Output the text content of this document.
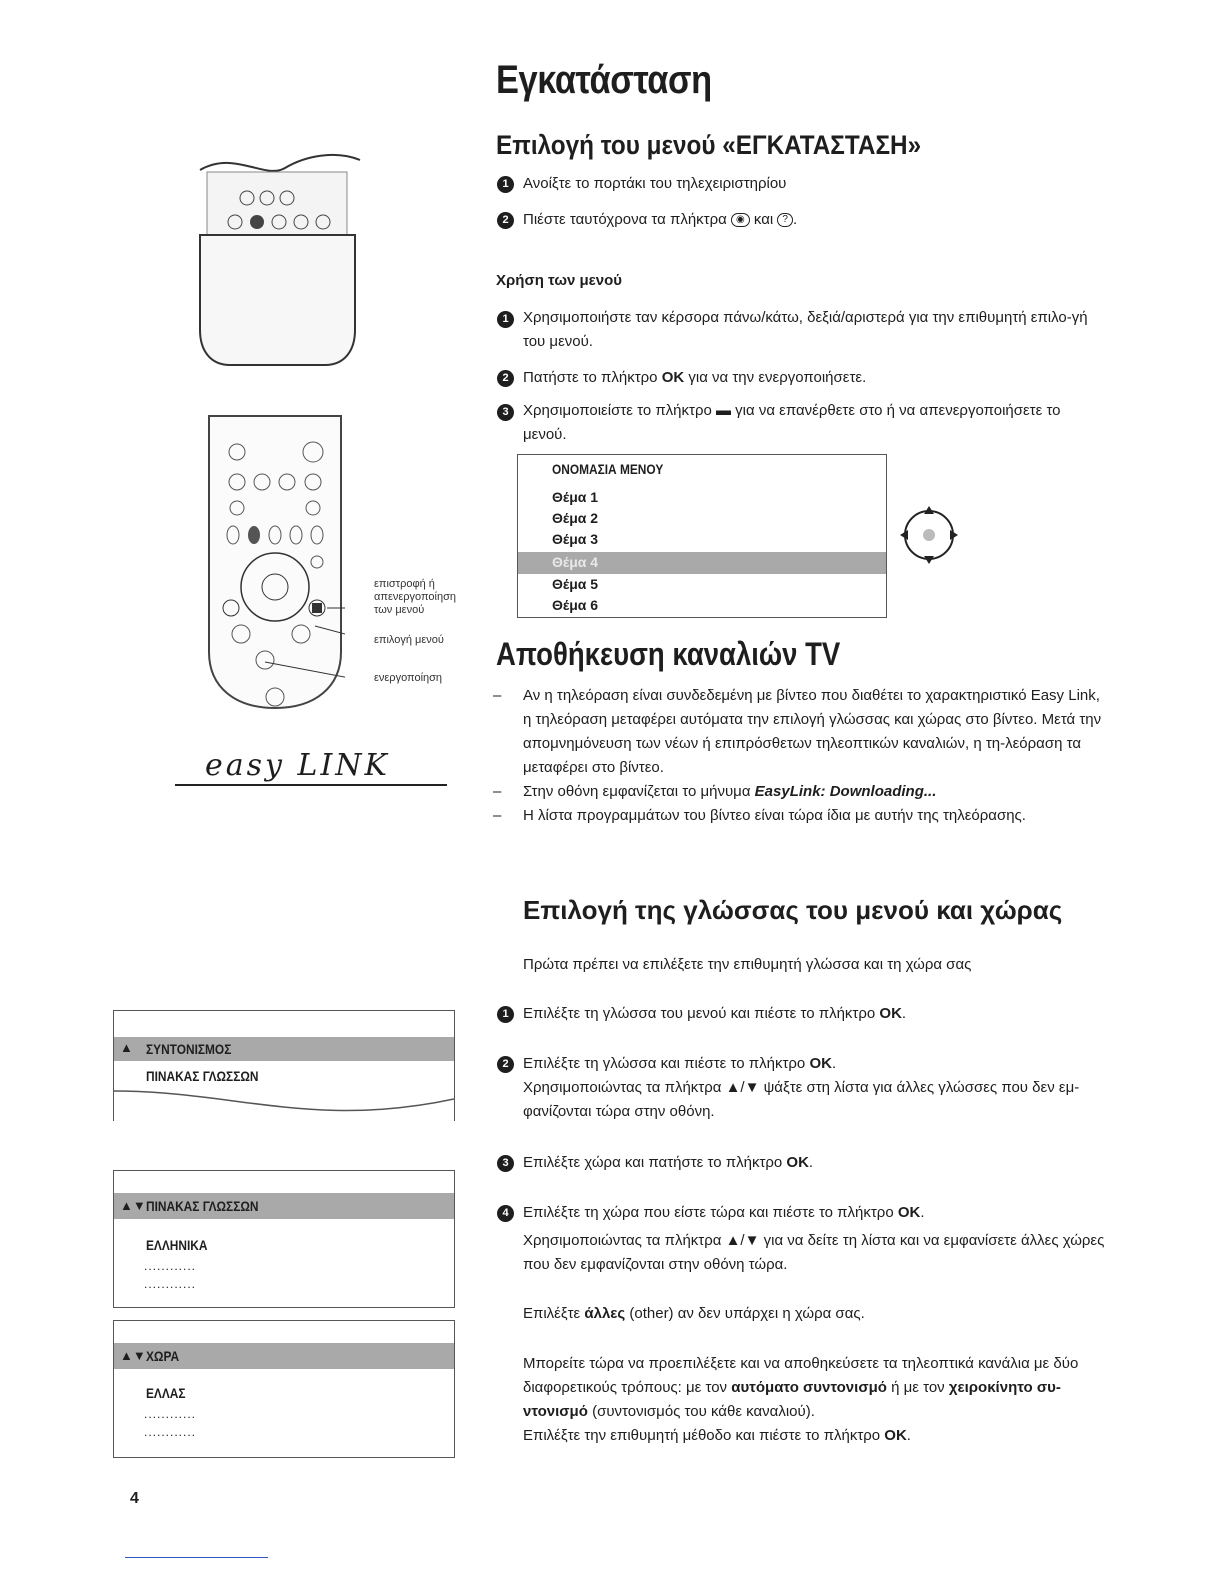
Εγκατάσταση
Επιλογή του μενού «ΕΓΚΑΤΑΣΤΑΣΗ»
1 Ανοίξτε το πορτάκι του τηλεχειριστηρίου
2 Πιέστε ταυτόχρονα τα πλήκτρα ◉ και ? .
Χρήση των μενού
1 Χρησιμοποιήστε ταν κέρσορα πάνω/κάτω, δεξιά/αριστερά για την επιθυμητή επιλο-γή του μενού.
2 Πατήστε το πλήκτρο OK για να την ενεργοποιήσετε.
3 Χρησιμοποιείστε το πλήκτρο ▬ για να επανέρθετε στο ή να απενεργοποιήσετε το μενού.
ΟΝΟΜΑΣΙΑ ΜΕΝΟΥ
Θέμα 1
Θέμα 2
Θέμα 3
Θέμα 4
Θέμα 5
Θέμα 6
Αποθήκευση καναλιών TV
– Αν η τηλεόραση είναι συνδεδεμένη με βίντεο που διαθέτει το χαρακτηριστικό Easy Link, η τηλεόραση μεταφέρει αυτόματα την επιλογή γλώσσας και χώρας στο βίντεο. Μετά την απομνημόνευση των νέων ή επιπρόσθετων τηλεοπτικών καναλιών, η τη-λεόραση τα μεταφέρει στο βίντεο.
– Στην οθόνη εμφανίζεται το μήνυμα EasyLink: Downloading...
– Η λίστα προγραμμάτων του βίντεο είναι τώρα ίδια με αυτήν της τηλεόρασης.
Επιλογή της γλώσσας του μενού και χώρας
Πρώτα πρέπει να επιλέξετε την επιθυμητή γλώσσα και τη χώρα σας
1 Επιλέξτε τη γλώσσα του μενού και πιέστε το πλήκτρο OK.
2 Επιλέξτε τη γλώσσα και πιέστε το πλήκτρο OK.
Χρησιμοποιώντας τα πλήκτρα ▲/▼ ψάξτε στη λίστα για άλλες γλώσσες που δεν εμ-φανίζονται τώρα στην οθόνη.
3 Επιλέξτε χώρα και πατήστε το πλήκτρο OK.
4 Επιλέξτε τη χώρα που είστε τώρα και πιέστε το πλήκτρο OK.
Χρησιμοποιώντας τα πλήκτρα ▲/▼ για να δείτε τη λίστα και να εμφανίσετε άλλες χώρες που δεν εμφανίζονται στην οθόνη τώρα.
Επιλέξτε άλλες (other) αν δεν υπάρχει η χώρα σας.
Μπορείτε τώρα να προεπιλέξετε και να αποθηκεύσετε τα τηλεοπτικά κανάλια με δύο διαφορετικούς τρόπους: με τον αυτόματο συντονισμό ή με τον χειροκίνητο συ-ντονισμό (συντονισμός του κάθε καναλιού).
Επιλέξτε την επιθυμητή μέθοδο και πιέστε το πλήκτρο OK.
επιστροφή ή απενεργοποίηση των μενού
επιλογή μενού
ενεργοποίηση
easy LINK
▲ ΣΥΝΤΟΝΙΣΜΟΣ
ΠΙΝΑΚΑΣ ΓΛΩΣΣΩΝ
▲▼ ΠΙΝΑΚΑΣ ΓΛΩΣΣΩΝ
ΕΛΛΗΝΙΚΑ
............
............
▲▼ ΧΩΡΑ
ΕΛΛΑΣ
............
............
4
